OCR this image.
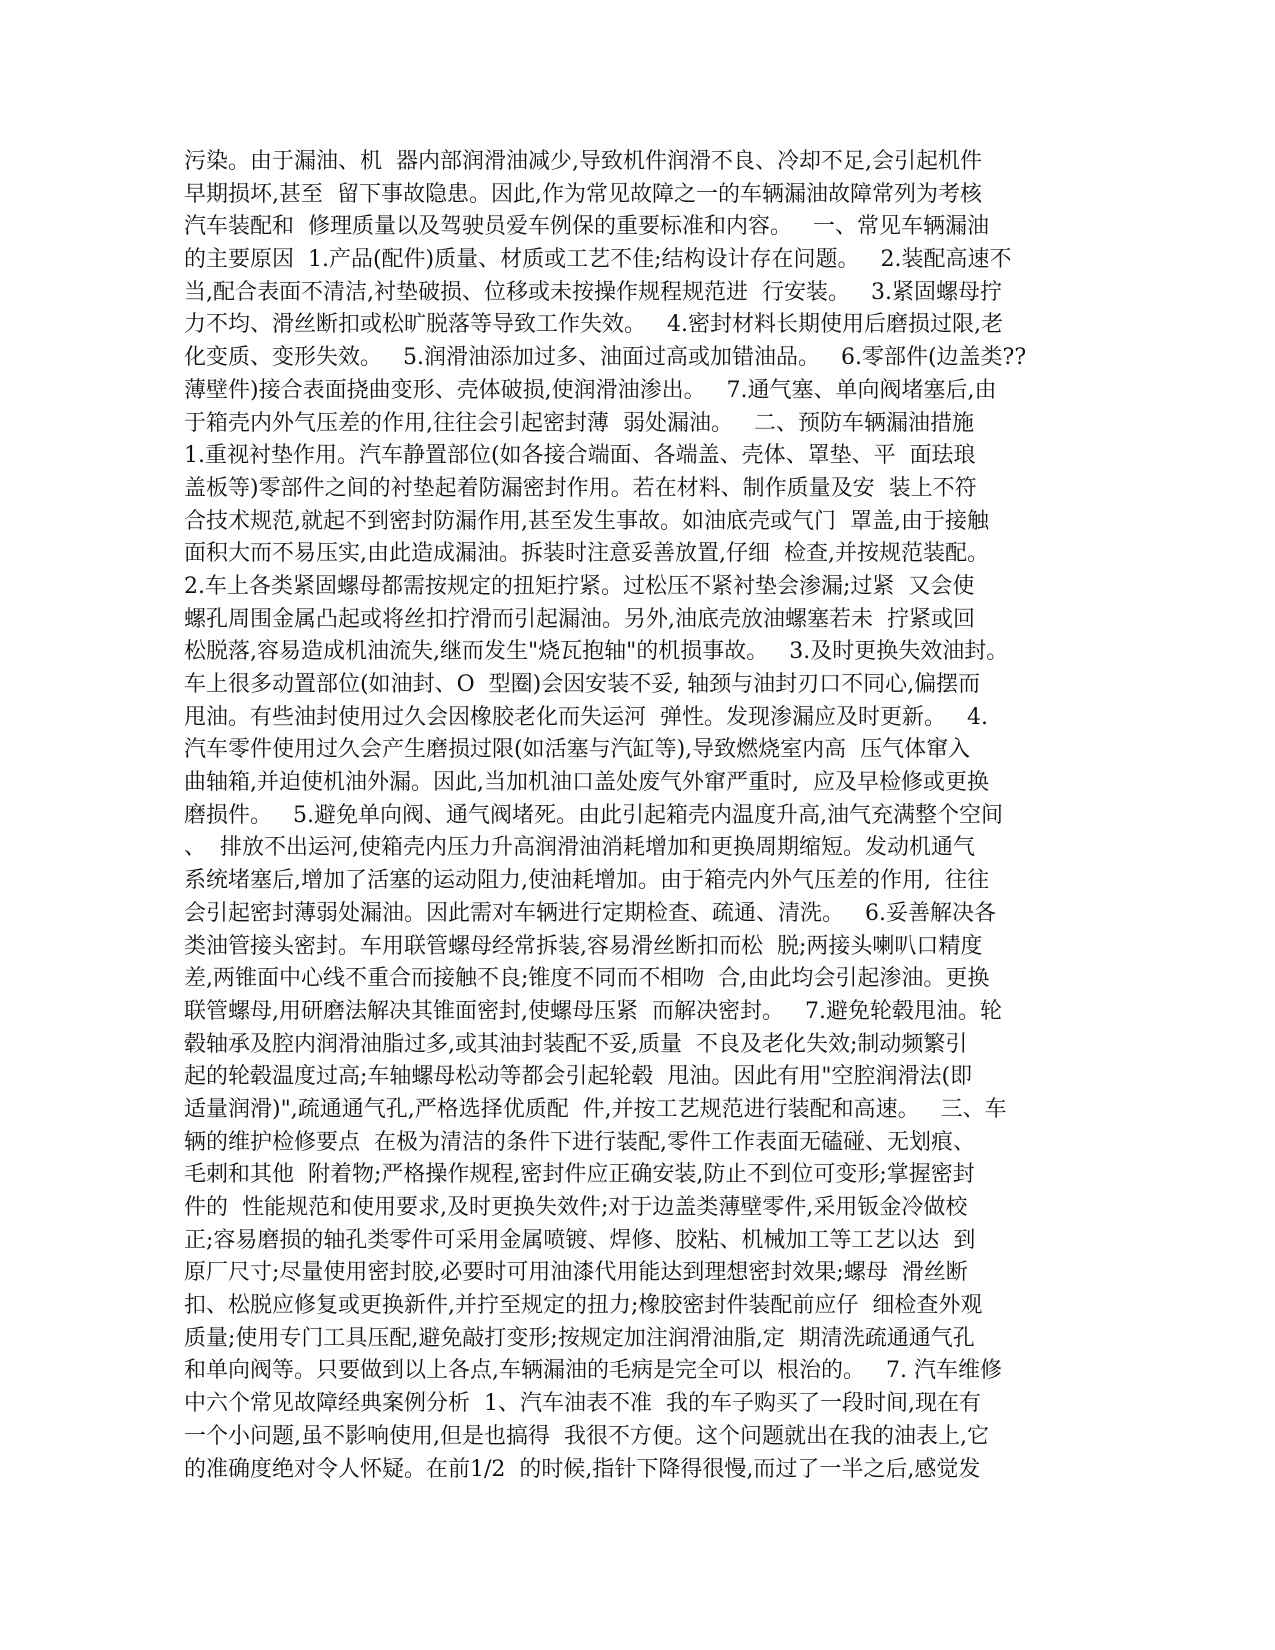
污染。由于漏油、机  器内部润滑油减少,导致机件润滑不良、冷却不足,会引起机件
早期损坏,甚至  留下事故隐患。因此,作为常见故障之一的车辆漏油故障常列为考核
汽车装配和  修理质量以及驾驶员爱车例保的重要标准和内容。   一、常见车辆漏油
的主要原因  1.产品(配件)质量、材质或工艺不佳;结构设计存在问题。   2.装配高速不
当,配合表面不清洁,衬垫破损、位移或未按操作规程规范进  行安装。   3.紧固螺母拧
力不均、滑丝断扣或松旷脱落等导致工作失效。   4.密封材料长期使用后磨损过限,老
化变质、变形失效。   5.润滑油添加过多、油面过高或加错油品。   6.零部件(边盖类??
薄壁件)接合表面挠曲变形、壳体破损,使润滑油渗出。   7.通气塞、单向阀堵塞后,由
于箱壳内外气压差的作用,往往会引起密封薄  弱处漏油。   二、预防车辆漏油措施
1.重视衬垫作用。汽车静置部位(如各接合端面、各端盖、壳体、罩垫、平  面珐琅
盖板等)零部件之间的衬垫起着防漏密封作用。若在材料、制作质量及安  装上不符
合技术规范,就起不到密封防漏作用,甚至发生事故。如油底壳或气门  罩盖,由于接触
面积大而不易压实,由此造成漏油。拆装时注意妥善放置,仔细  检查,并按规范装配。
2.车上各类紧固螺母都需按规定的扭矩拧紧。过松压不紧衬垫会渗漏;过紧  又会使
螺孔周围金属凸起或将丝扣拧滑而引起漏油。另外,油底壳放油螺塞若未  拧紧或回
松脱落,容易造成机油流失,继而发生"烧瓦抱轴"的机损事故。   3.及时更换失效油封。
车上很多动置部位(如油封、O  型圈)会因安装不妥, 轴颈与油封刃口不同心,偏摆而
甩油。有些油封使用过久会因橡胶老化而失运河  弹性。发现渗漏应及时更新。   4.
汽车零件使用过久会产生磨损过限(如活塞与汽缸等),导致燃烧室内高  压气体窜入
曲轴箱,并迫使机油外漏。因此,当加机油口盖处废气外窜严重时,  应及早检修或更换
磨损件。   5.避免单向阀、通气阀堵死。由此引起箱壳内温度升高,油气充满整个空间
、  排放不出运河,使箱壳内压力升高润滑油消耗增加和更换周期缩短。发动机通气
系统堵塞后,增加了活塞的运动阻力,使油耗增加。由于箱壳内外气压差的作用,  往往
会引起密封薄弱处漏油。因此需对车辆进行定期检查、疏通、清洗。   6.妥善解决各
类油管接头密封。车用联管螺母经常拆装,容易滑丝断扣而松  脱;两接头喇叭口精度
差,两锥面中心线不重合而接触不良;锥度不同而不相吻  合,由此均会引起渗油。更换
联管螺母,用研磨法解决其锥面密封,使螺母压紧  而解决密封。   7.避免轮毂甩油。轮
毂轴承及腔内润滑油脂过多,或其油封装配不妥,质量  不良及老化失效;制动频繁引
起的轮毂温度过高;车轴螺母松动等都会引起轮毂  甩油。因此有用"空腔润滑法(即
适量润滑)",疏通通气孔,严格选择优质配  件,并按工艺规范进行装配和高速。   三、车
辆的维护检修要点  在极为清洁的条件下进行装配,零件工作表面无磕碰、无划痕、
毛刺和其他  附着物;严格操作规程,密封件应正确安装,防止不到位可变形;掌握密封
件的  性能规范和使用要求,及时更换失效件;对于边盖类薄壁零件,采用钣金冷做校
正;容易磨损的轴孔类零件可采用金属喷镀、焊修、胶粘、机械加工等工艺以达  到
原厂尺寸;尽量使用密封胶,必要时可用油漆代用能达到理想密封效果;螺母  滑丝断
扣、松脱应修复或更换新件,并拧至规定的扭力;橡胶密封件装配前应仔  细检查外观
质量;使用专门工具压配,避免敲打变形;按规定加注润滑油脂,定  期清洗疏通通气孔
和单向阀等。只要做到以上各点,车辆漏油的毛病是完全可以  根治的。   7. 汽车维修
中六个常见故障经典案例分析  1、汽车油表不准  我的车子购买了一段时间,现在有
一个小问题,虽不影响使用,但是也搞得  我很不方便。这个问题就出在我的油表上,它
的准确度绝对令人怀疑。在前1/2  的时候,指针下降得很慢,而过了一半之后,感觉发
